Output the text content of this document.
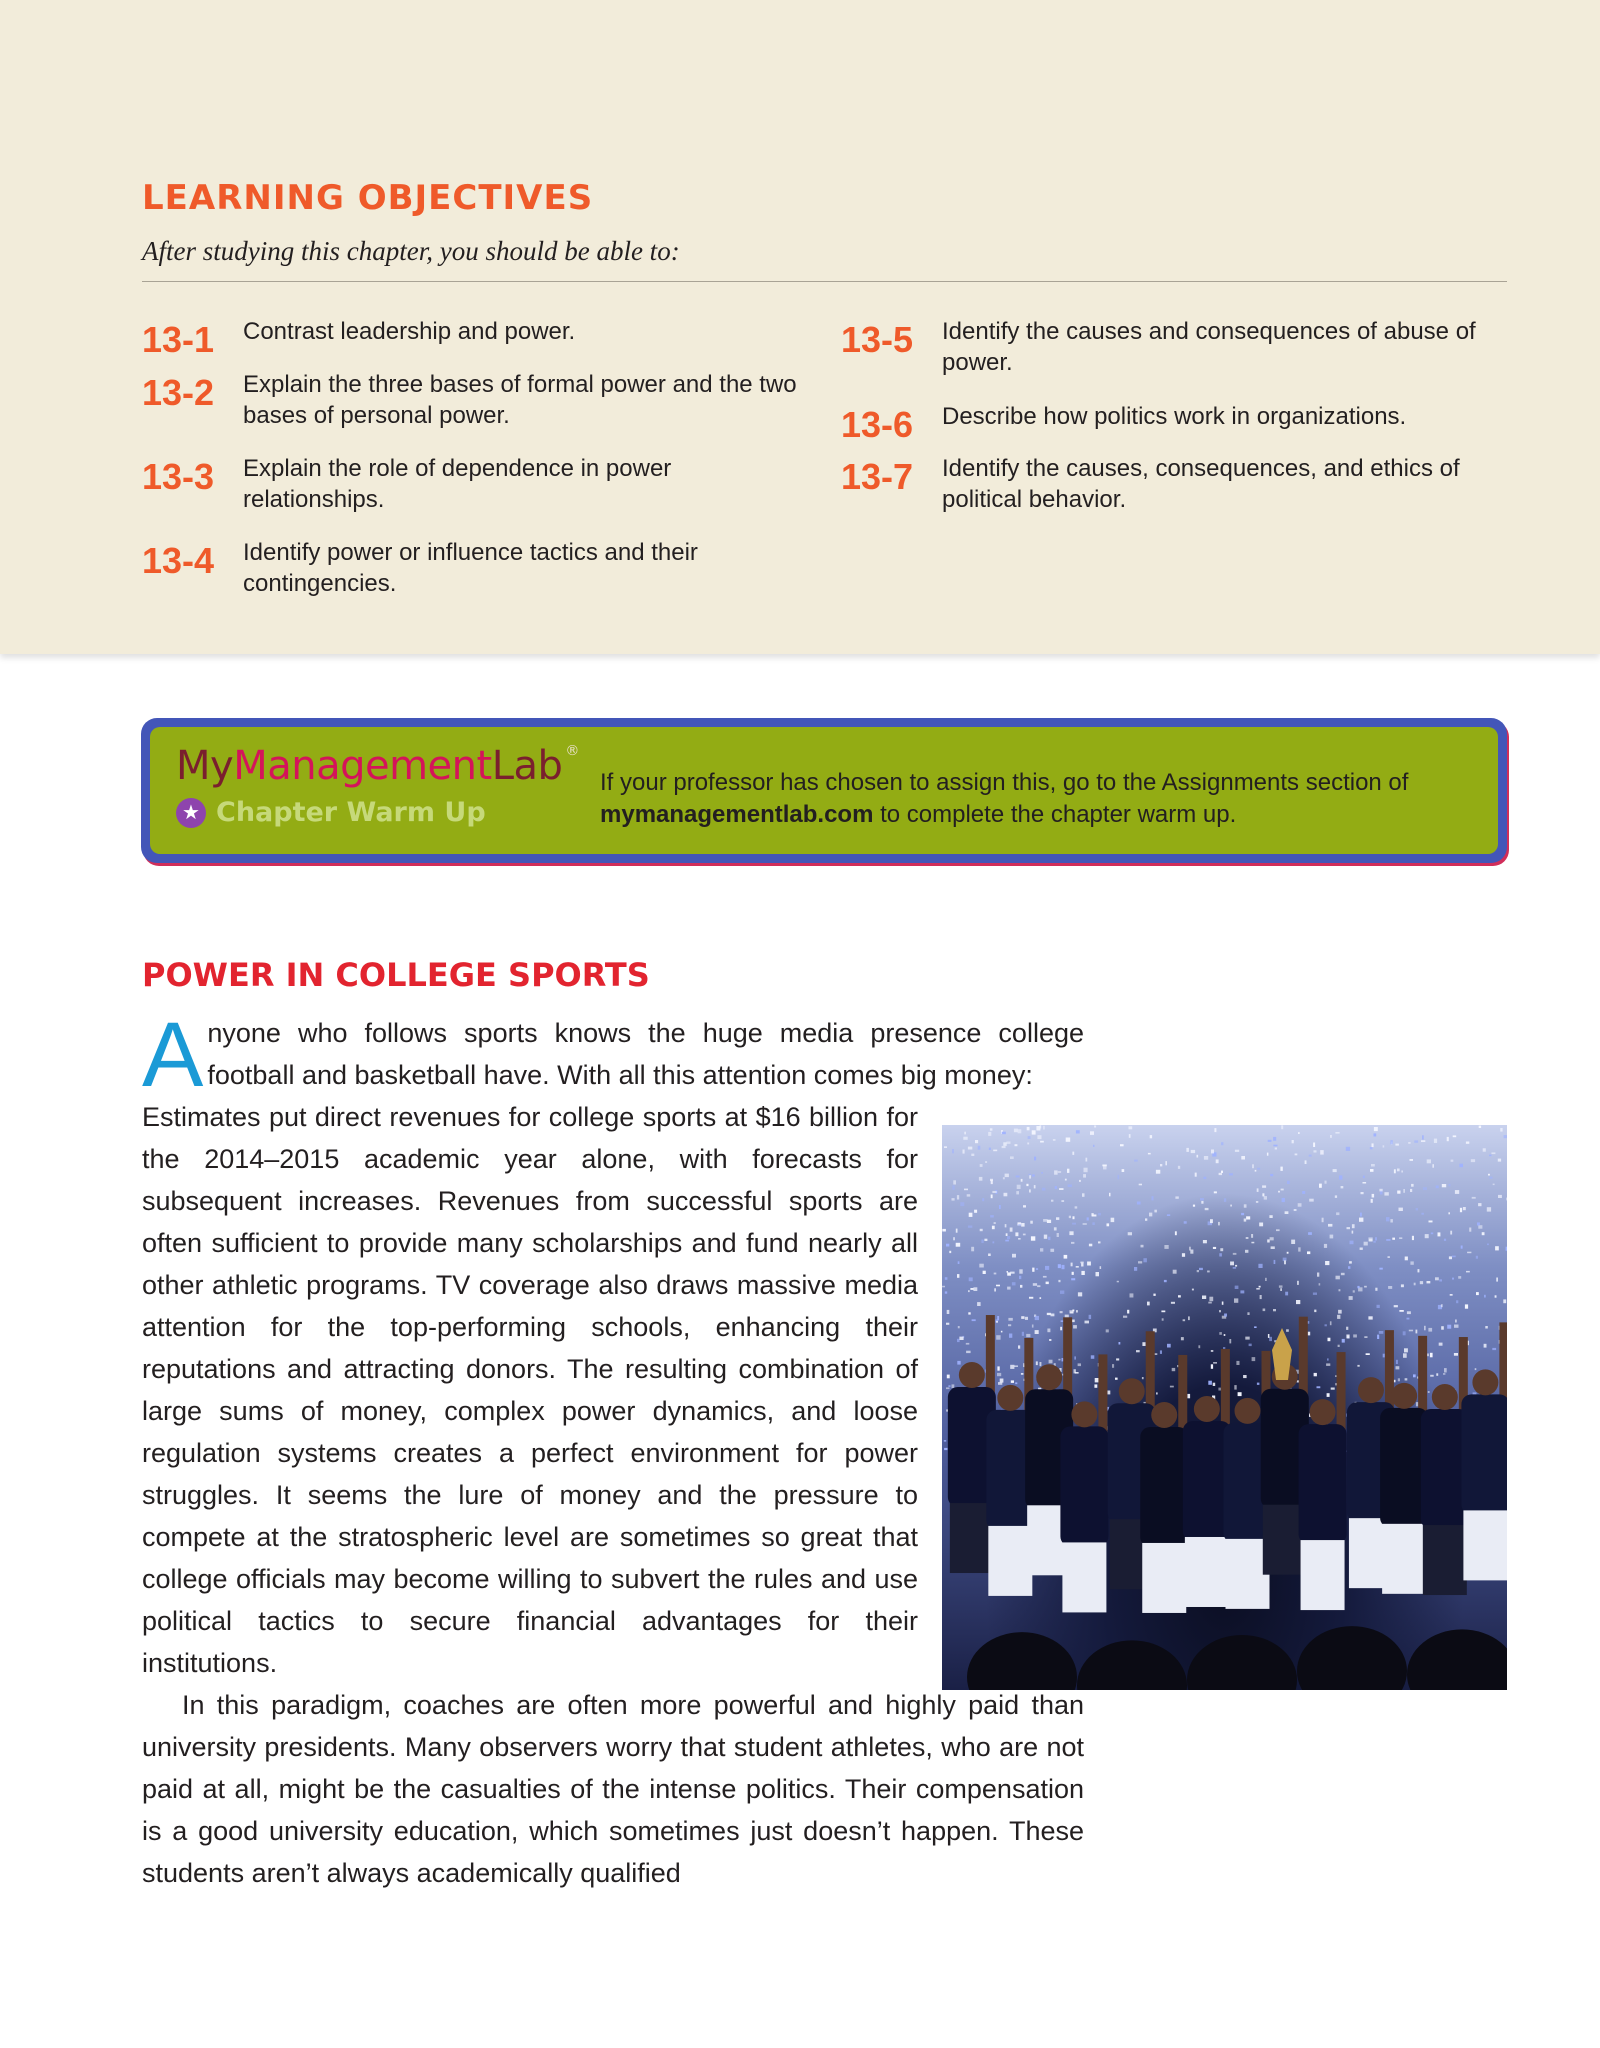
LEARNING OBJECTIVES
After studying this chapter, you should be able to:
13-1	Contrast leadership and power.
13-2	Explain the three bases of formal power and the two bases of personal power.
13-3	Explain the role of dependence in power relationships.
13-4	Identify power or influence tactics and their contingencies.
13-5	Identify the causes and consequences of abuse of power.
13-6	Describe how politics work in organizations.
13-7	Identify the causes, consequences, and ethics of political behavior.
MyManagementLab ®
★ Chapter Warm Up
If your professor has chosen to assign this, go to the Assignments section of mymanagementlab.com to complete the chapter warm up.
POWER IN COLLEGE SPORTS

Anyone who follows sports knows the huge media presence college football and basketball have. With all this attention comes big money:

Estimates put direct revenues for college sports at $16 billion for the 2014–2015 academic year alone, with forecasts for subsequent increases. Revenues from successful sports are often sufficient to provide many scholarships and fund nearly all other athletic programs. TV coverage also draws massive media attention for the top-performing schools, enhancing their reputations and attracting donors. The resulting combination of large sums of money, complex power dynamics, and loose regulation systems creates a perfect environment for power struggles. It seems the lure of money and the pressure to compete at the stratospheric level are sometimes so great that college officials may become willing to subvert the rules and use political tactics to secure financial advantages for their institutions.

In this paradigm, coaches are often more powerful and highly paid than university presidents. Many observers worry that student athletes, who are not paid at all, might be the casualties of the intense politics. Their compensation is a good university education, which sometimes just doesn’t happen. These students aren’t always academically qualified
